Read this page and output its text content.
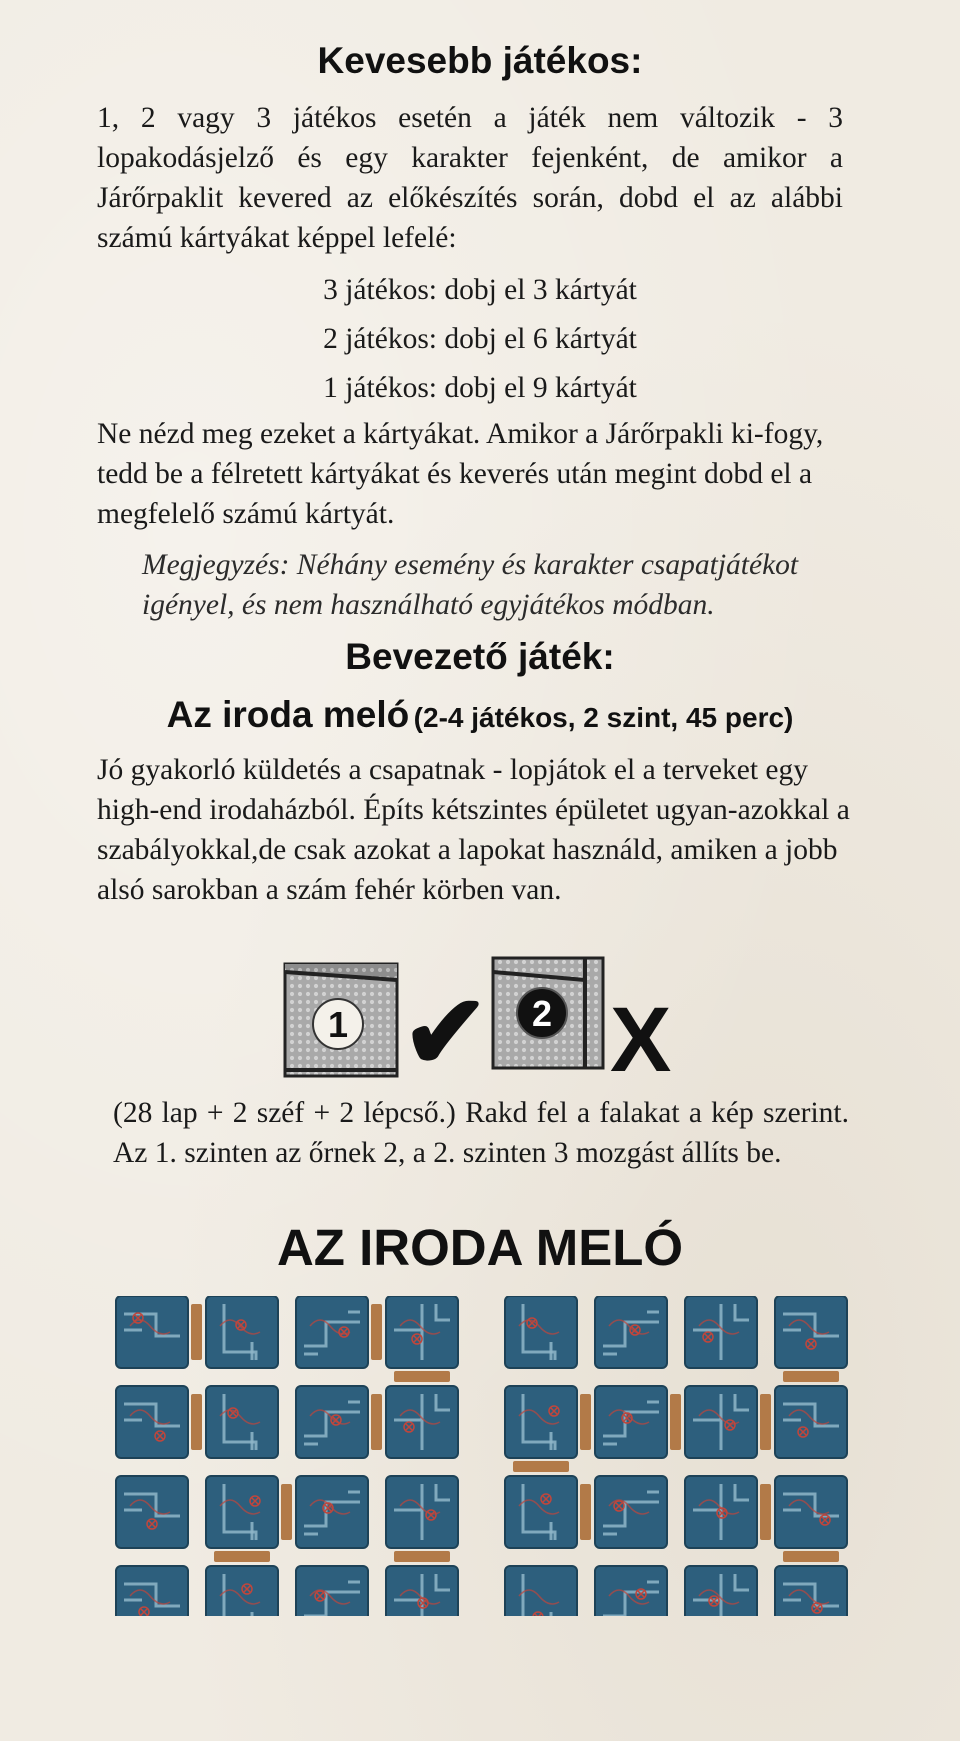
Kevesebb játékos:
1, 2 vagy 3 játékos esetén a játék nem változik - 3 lopakodásjelző és egy karakter fejenként, de amikor a Járőrpaklit kevered az előkészítés során, dobd el az alábbi számú kártyákat képpel lefelé:
3 játékos: dobj el 3 kártyát
2 játékos: dobj el 6 kártyát
1 játékos: dobj el 9 kártyát
Ne nézd meg ezeket a kártyákat. Amikor a Járőrpakli ki-fogy, tedd be a félretett kártyákat és keverés után megint dobd el a megfelelő számú kártyát.
Megjegyzés: Néhány esemény és karakter csapatjátékot igényel, és nem használható egyjátékos módban.
Bevezető játék:
Az iroda meló (2-4 játékos, 2 szint, 45 perc)
Jó gyakorló küldetés a csapatnak - lopjátok el a terveket egy high-end irodaházból. Építs kétszintes épületet ugyan-azokkal a szabályokkal,de csak azokat a lapokat használd, amiken a jobb alsó sarokban a szám fehér körben van.
1 ✔ 2 X
(28 lap + 2 széf + 2 lépcső.) Rakd fel a falakat a kép szerint. Az 1. szinten az őrnek 2, a 2. szinten 3 mozgást állíts be.
AZ IRODA MELÓ
